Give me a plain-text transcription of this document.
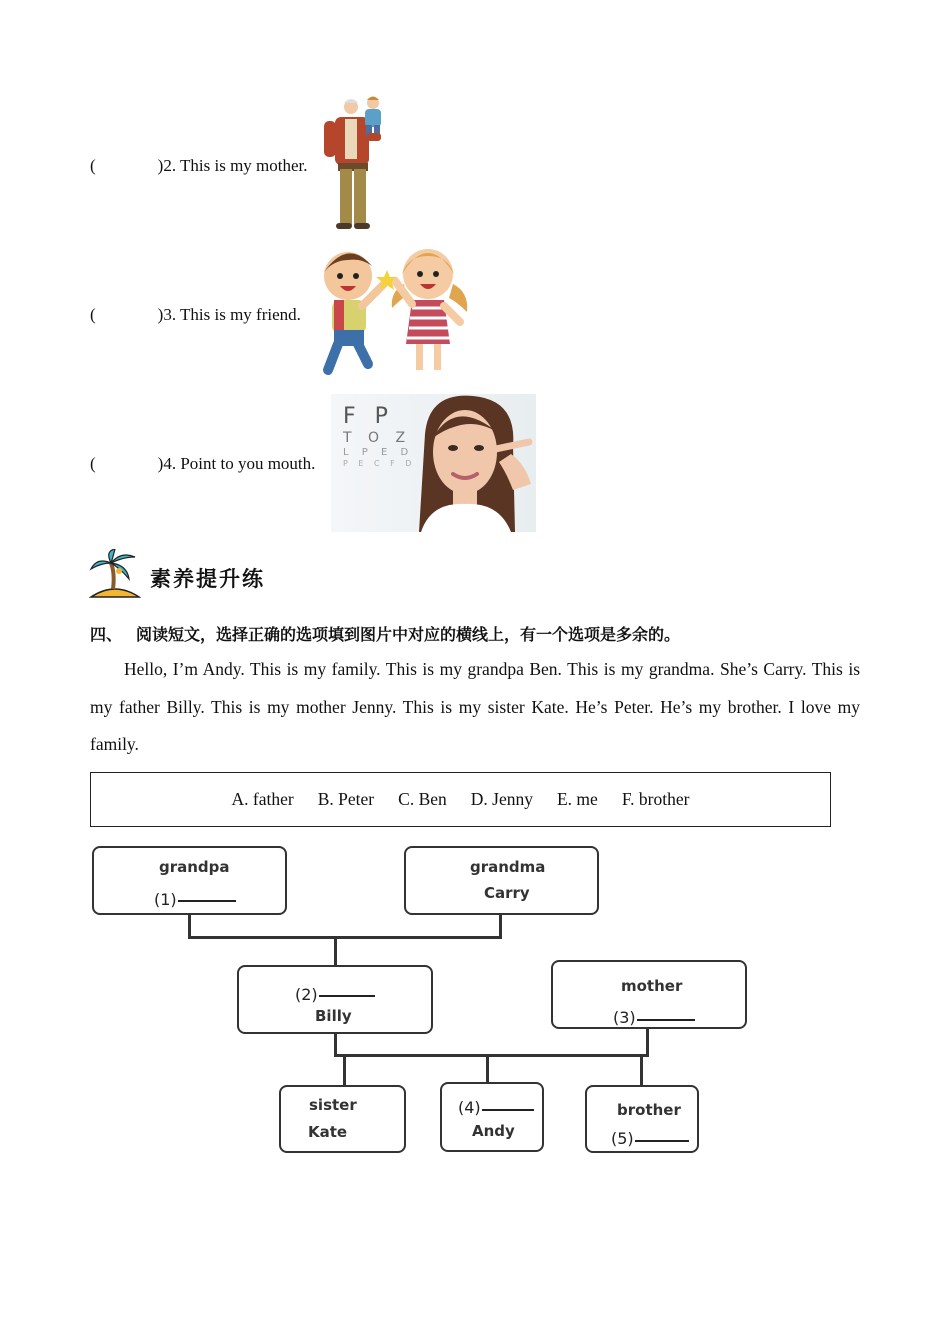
(	)2. This is my mother.
(	)3. This is my friend.
(	)4. Point to you mouth.
F P
T O Z
L P E D
P E C F D
素养提升练
四、 阅读短文，选择正确的选项填到图片中对应的横线上，有一个选项是多余的。
Hello, I’m Andy. This is my family. This is my grandpa Ben. This is my grandma. She’s Carry. This is my father Billy. This is my mother Jenny. This is my sister Kate. He’s Peter. He’s my brother. I love my family.
A. father B. Peter C. Ben D. Jenny E. me F. brother
grandpa
(1)
grandma
Carry
(2)
Billy
mother
(3)
sister
Kate
(4)
Andy
brother
(5)
